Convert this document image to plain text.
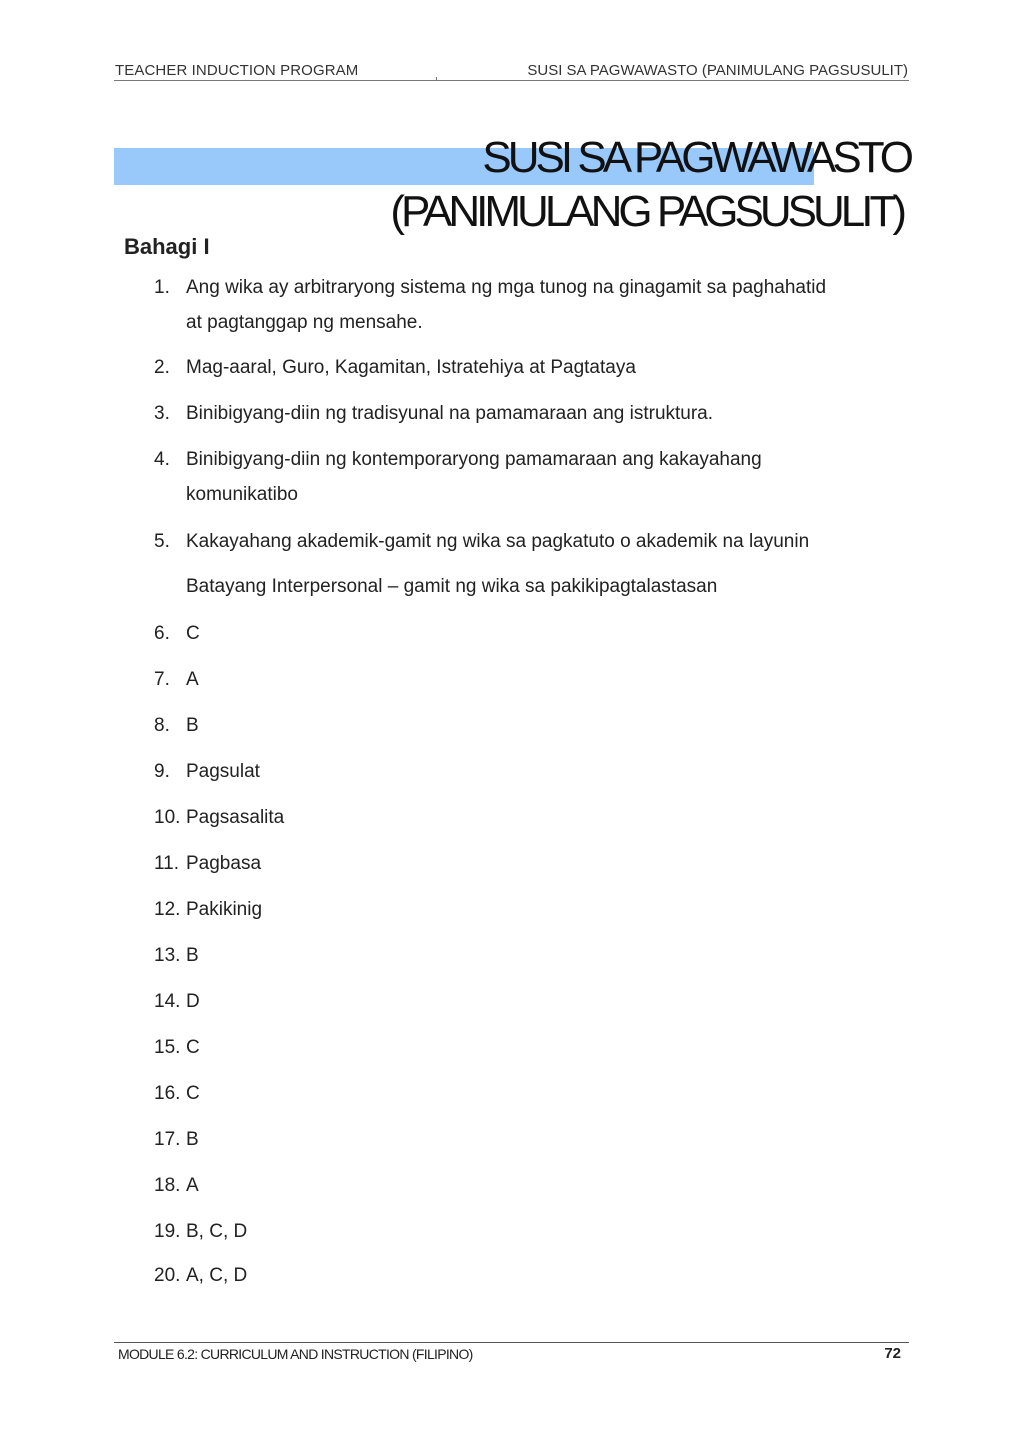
TEACHER INDUCTION PROGRAM	SUSI SA PAGWAWASTO (PANIMULANG PAGSUSULIT)
SUSI SA PAGWAWASTO
(PANIMULANG PAGSUSULIT)
Bahagi I
1. Ang wika ay arbitraryong sistema ng mga tunog na ginagamit sa paghahatid
at pagtanggap ng mensahe.
2. Mag-aaral, Guro, Kagamitan, Istratehiya at Pagtataya
3. Binibigyang-diin ng tradisyunal na pamamaraan ang istruktura.
4. Binibigyang-diin ng kontemporaryong pamamaraan ang kakayahang
komunikatibo
5. Kakayahang akademik-gamit ng wika sa pagkatuto o akademik na layunin
Batayang Interpersonal – gamit ng wika sa pakikipagtalastasan
6. C
7. A
8. B
9. Pagsulat
10. Pagsasalita
11. Pagbasa
12. Pakikinig
13. B
14. D
15. C
16. C
17. B
18. A
19. B, C, D
20. A, C, D
MODULE 6.2: CURRICULUM AND INSTRUCTION (FILIPINO)	72
